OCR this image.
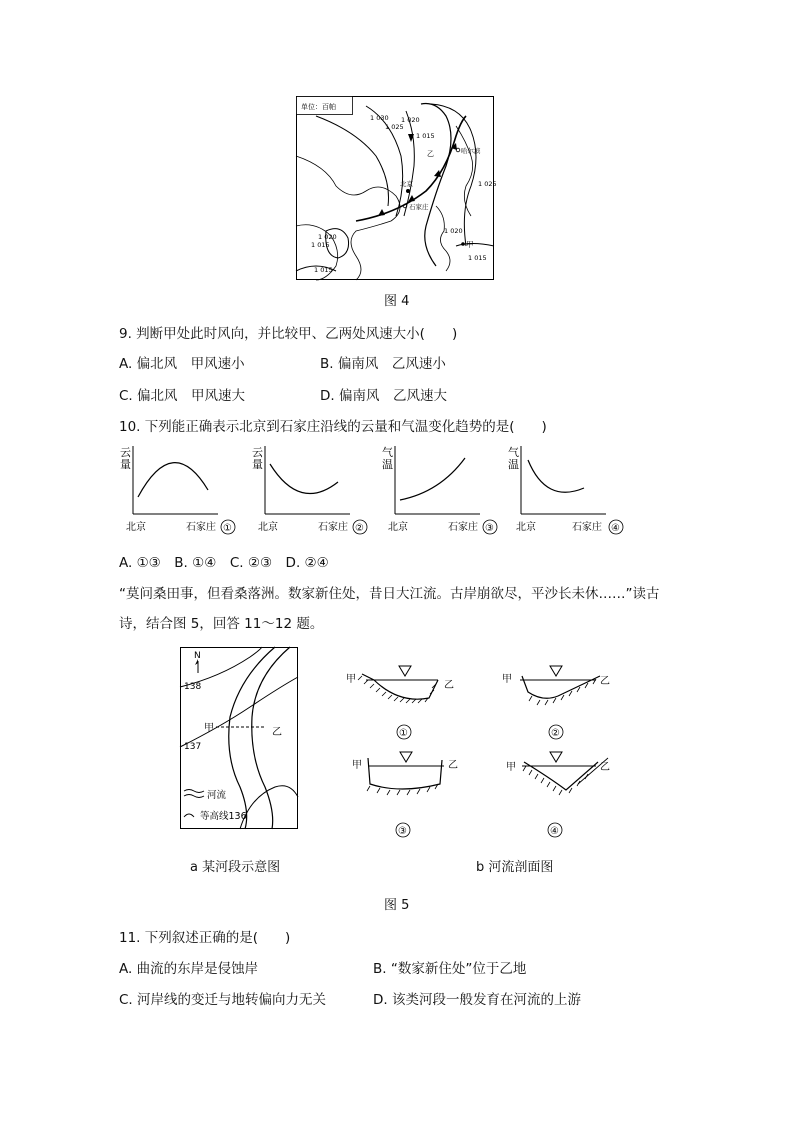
单位：百帕
1 030
1 025
1 020
1 015
1 025
1 020
1 015
1 020
1 015
1 015
哈尔滨
北京
石家庄
乙
甲
图 4
9. 判断甲处此时风向，并比较甲、乙两处风速大小(　　)
A. 偏北风　甲风速小	B. 偏南风　乙风速小
C. 偏北风　甲风速大	D. 偏南风　乙风速大
10. 下列能正确表示北京到石家庄沿线的云量和气温变化趋势的是(　　)
云
量
北京	石家庄 ①
云
量
北京	石家庄 ②
气
温
北京	石家庄 ③
气
温
北京	石家庄 ④
A. ①③　B. ①④　C. ②③　D. ②④
“莫问桑田事，但看桑落洲。数家新住处，昔日大江流。古岸崩欲尽，平沙长未休……”读古
诗，结合图 5，回答 11～12 题。
N
甲	乙
138
137
河流
等高线136
甲
乙
①
甲	乙
②
甲	乙
③
甲	乙
④
a 某河段示意图	b 河流剖面图
图 5
11. 下列叙述正确的是(　　)
A. 曲流的东岸是侵蚀岸	B. “数家新住处”位于乙地
C. 河岸线的变迁与地转偏向力无关	D. 该类河段一般发育在河流的上游
